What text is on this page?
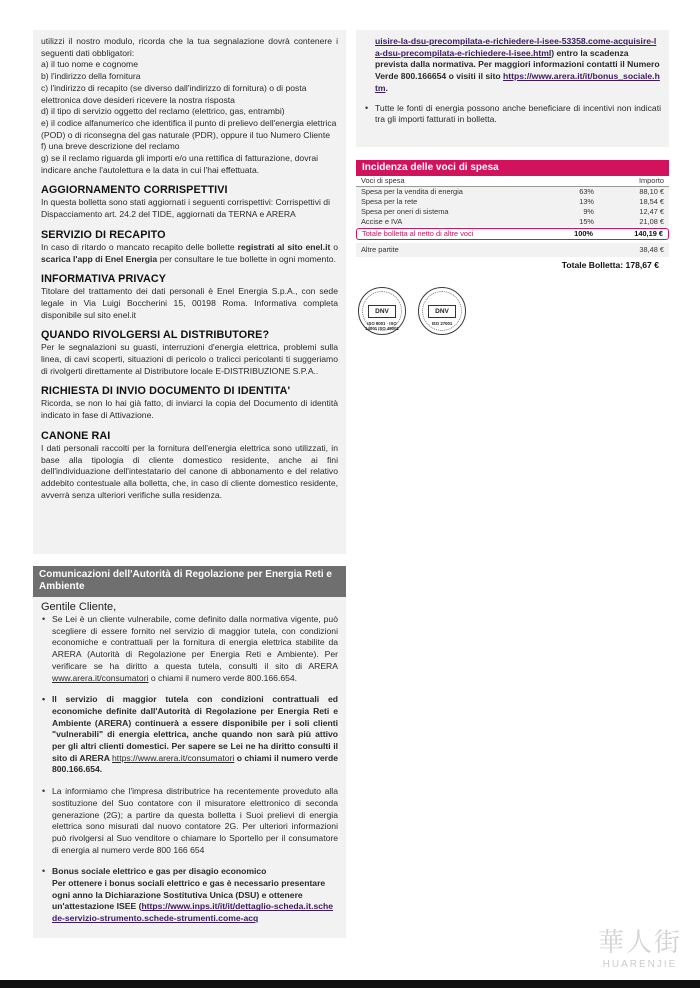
utilizzi il nostro modulo, ricorda che la tua segnalazione dovrà contenere i seguenti dati obbligatori:
a) il tuo nome e cognome
b) l'indirizzo della fornitura
c) l'indirizzo di recapito (se diverso dall'indirizzo di fornitura) o di posta elettronica dove desideri ricevere la nostra risposta
d) il tipo di servizio oggetto del reclamo (elettrico, gas, entrambi)
e) il codice alfanumerico che identifica il punto di prelievo dell'energia elettrica (POD) o di riconsegna del gas naturale (PDR), oppure il tuo Numero Cliente
f) una breve descrizione del reclamo
g) se il reclamo riguarda gli importi e/o una rettifica di fatturazione, dovrai indicare anche l'autolettura e la data in cui l'hai effettuata.
AGGIORNAMENTO CORRISPETTIVI
In questa bolletta sono stati aggiornati i seguenti corrispettivi: Corrispettivi di Dispacciamento art. 24.2 del TIDE, aggiornati da TERNA e ARERA
SERVIZIO DI RECAPITO
In caso di ritardo o mancato recapito delle bollette registrati al sito enel.it o scarica l'app di Enel Energia per consultare le tue bollette in ogni momento.
INFORMATIVA PRIVACY
Titolare del trattamento dei dati personali è Enel Energia S.p.A., con sede legale in Via Luigi Boccherini 15, 00198 Roma. Informativa completa disponibile sul sito enel.it
QUANDO RIVOLGERSI AL DISTRIBUTORE?
Per le segnalazioni su guasti, interruzioni d'energia elettrica, problemi sulla linea, di cavi scoperti, situazioni di pericolo o tralicci pericolanti ti suggeriamo di rivolgerti direttamente al Distributore locale E-DISTRIBUZIONE S.P.A..
RICHIESTA DI INVIO DOCUMENTO DI IDENTITA'
Ricorda, se non lo hai già fatto, di inviarci la copia del Documento di identità indicato in fase di Attivazione.
CANONE RAI
I dati personali raccolti per la fornitura dell'energia elettrica sono utilizzati, in base alla tipologia di cliente domestico residente, anche ai fini dell'individuazione dell'intestatario del canone di abbonamento e del relativo addebito contestuale alla bolletta, che, in caso di cliente domestico residente, avverrà senza ulteriori verifiche sulla residenza.
Comunicazioni dell'Autorità di Regolazione per Energia Reti e Ambiente
Gentile Cliente,
• Se Lei è un cliente vulnerabile, come definito dalla normativa vigente, può scegliere di essere fornito nel servizio di maggior tutela, con condizioni economiche e contrattuali per la fornitura di energia elettrica stabilite da ARERA (Autorità di Regolazione per Energia Reti e Ambiente). Per verificare se ha diritto a questa tutela, consulti il sito di ARERA www.arera.it/consumatori o chiami il numero verde 800.166.654.
• Il servizio di maggior tutela con condizioni contrattuali ed economiche definite dall'Autorità di Regolazione per Energia Reti e Ambiente (ARERA) continuerà a essere disponibile per i soli clienti "vulnerabili" di energia elettrica, anche quando non sarà più attivo per gli altri clienti domestici. Per sapere se Lei ne ha diritto consulti il sito di ARERA https://www.arera.it/consumatori o chiami il numero verde 800.166.654.
• La informiamo che l'impresa distributrice ha recentemente proveduto alla sostituzione del Suo contatore con il misuratore elettronico di seconda generazione (2G); a partire da questa bolletta i Suoi prelievi di energia elettrica sono misurati dal nuovo contatore 2G. Per ulteriori informazioni può rivolgersi al Suo venditore o chiamare lo Sportello per il consumatore di energia al numero verde 800 166 654
• Bonus sociale elettrico e gas per disagio economico
Per ottenere i bonus sociali elettrico e gas è necessario presentare ogni anno la Dichiarazione Sostitutiva Unica (DSU) e ottenere un'attestazione ISEE (https://www.inps.it/it/it/dettaglio-scheda.it.schede-servizio-strumento.schede-strumenti.come-acq
uisire-la-dsu-precompilata-e-richiedere-l-isee-53358.come-acquisire-la-dsu-precompilata-e-richiedere-l-isee.html) entro la scadenza prevista dalla normativa. Per maggiori informazioni contatti il Numero Verde 800.166654 o visiti il sito https://www.arera.it/it/bonus_sociale.htm.
• Tutte le fonti di energia possono anche beneficiare di incentivi non indicati tra gli importi fatturati in bolletta.
Incidenza delle voci di spesa
Voci di spesa	Importo
Spesa per la vendita di energia	63%	88,10 €
Spesa per la rete	13%	18,54 €
Spesa per oneri di sistema	9%	12,47 €
Accise e IVA	15%	21,08 €
Totale bolletta al netto di altre voci	100%	140,19 €
Altre partite	38,48 €
Totale Bolletta: 178,67 €
DNV
ISO 9001 · ISO 14001 ISO 45001
DNV
ISO 27001
華人街
HUARENJIE
